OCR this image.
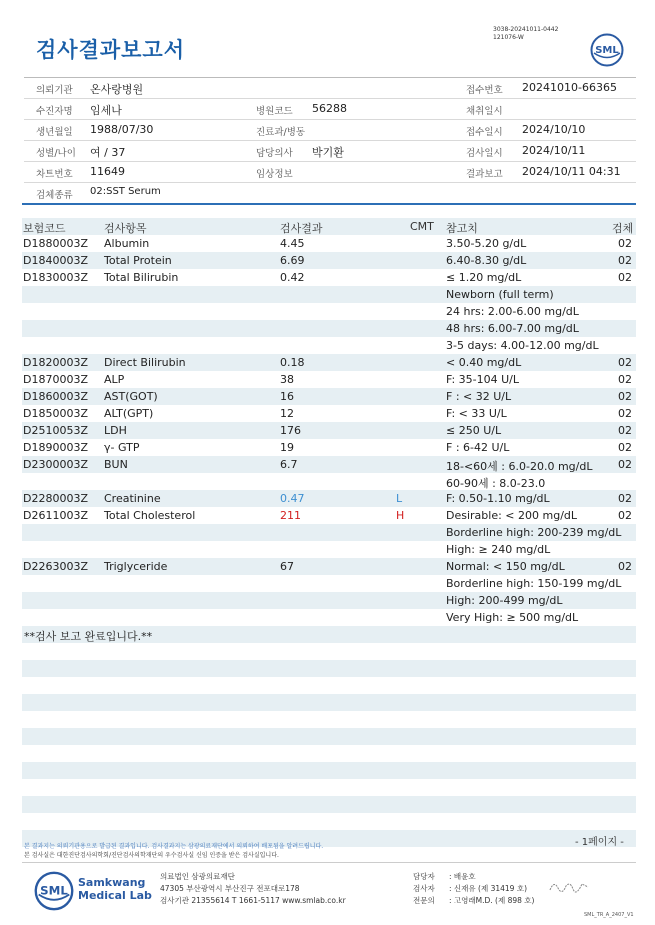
검사결과보고서
3038-20241011-0442
121076-W
SML
의뢰기관 온사랑병원	접수번호 20241010-66365
수진자명 임세나	병원코드 56288	채취일시
생년월일 1988/07/30	진료과/병동	접수일시 2024/10/10
성별/나이 여 / 37	담당의사 박기환	검사일시 2024/10/11
차트번호 11649	임상정보	결과보고 2024/10/11 04:31
검체종류 02:SST Serum
보험코드	검사항목	검사결과	CMT 참고치	검체
D1880003Z Albumin	4.45	3.50-5.20 g/dL	02
D1840003Z Total Protein	6.69	6.40-8.30 g/dL	02
D1830003Z Total Bilirubin	0.42	≤ 1.20 mg/dL	02
Newborn (full term)
24 hrs: 2.00-6.00 mg/dL
48 hrs: 6.00-7.00 mg/dL
3-5 days: 4.00-12.00 mg/dL
D1820003Z Direct Bilirubin	0.18	< 0.40 mg/dL	02
D1870003Z ALP	38	F: 35-104 U/L	02
D1860003Z AST(GOT)	16	F : < 32 U/L	02
D1850003Z ALT(GPT)	12	F: < 33 U/L	02
D2510053Z LDH	176	≤ 250 U/L	02
D1890003Z γ- GTP	19	F : 6-42 U/L	02
D2300003Z BUN	6.7	18-<60세 : 6.0-20.0 mg/dL 02
60-90세 : 8.0-23.0
D2280003Z Creatinine	0.47	L	F: 0.50-1.10 mg/dL	02
D2611003Z Total Cholesterol	211	H	Desirable: < 200 mg/dL	02
Borderline high: 200-239 mg/dL
High: ≥ 240 mg/dL
D2263003Z Triglyceride	67	Normal: < 150 mg/dL	02
Borderline high: 150-199 mg/dL
High: 200-499 mg/dL
Very High: ≥ 500 mg/dL
**검사 보고 완료입니다.**
- 1페이지 -
본 결과지는 의뢰기관용으로 발급된 결과입니다. 검사결과지는 삼광의료재단에서 의뢰하여 배포됨을 알려드립니다.
본 검사실은 대한진단검사의학회/진단검사의학재단의 우수검사실 신임 인증을 받은 검사실입니다.
SML
Samkwang
Medical Lab
의료법인 삼광의료재단
47305 부산광역시 부산진구 전포대로178
검사기관 21355614 T 1661-5117 www.smlab.co.kr
담당자 : 배윤호
검사자 : 신재유 (제 31419 호)
전문의 : 고영래M.D. (제 898 호)
SML_TR_A_2407_V1
